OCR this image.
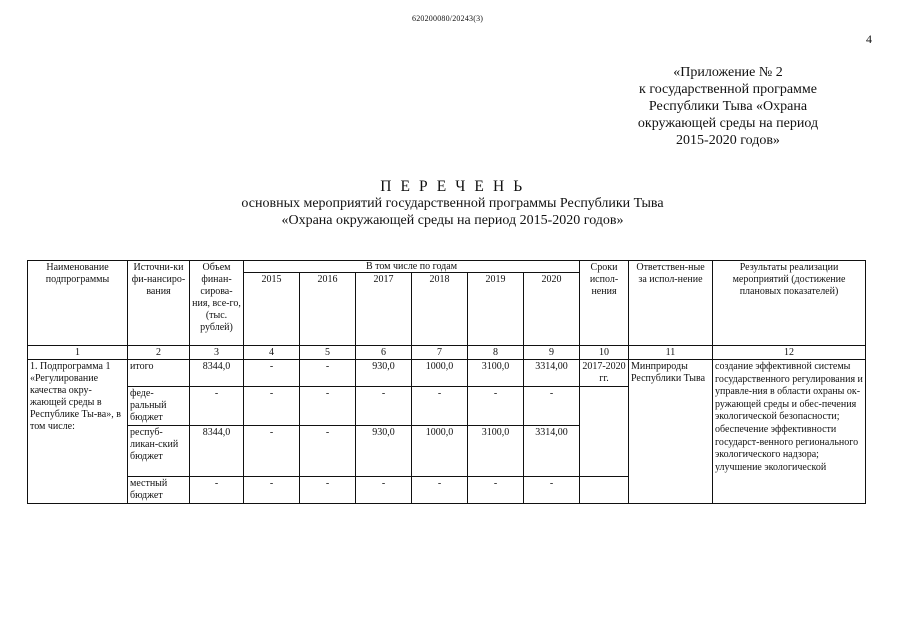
620200080/20243(3)
4
«Приложение № 2
к государственной программе
Республики Тыва «Охрана
окружающей среды на период
2015-2020 годов»
П Е Р Е Ч Е Н Ь
основных мероприятий государственной программы Республики Тыва
«Охрана окружающей среды на период 2015-2020 годов»
Наименование подпрограммы	Источни-ки фи-нансиро-вания	Объем финан-сирова-ния, все-го, (тыс. рублей)	В том числе по годам						Сроки испол-нения	Ответствен-ные за испол-нение	Результаты реализации мероприятий (достижение плановых показателей)
			2015	2016	2017	2018	2019	2020			
1	2	3	4	5	6	7	8	9	10	11	12
1. Подпрограмма 1 «Регулирование качества окру-жающей среды в Республике Ты-ва», в том числе:	итого	8344,0	-	-	930,0	1000,0	3100,0	3314,00	2017-2020 гг.	Минприроды Республики Тыва	создание эффективной системы государственного регулирования и управле-ния в области охраны ок-ружающей среды и обес-печения экологической безопасности; обеспечение эффективности государст-венного регионального экологического надзора; улучшение экологической
	феде-ральный бюджет	-	-	-	-	-	-	-			
	респуб-ликан-ский бюджет	8344,0	-	-	930,0	1000,0	3100,0	3314,00			
	местный бюджет	-	-	-	-	-	-	-			
